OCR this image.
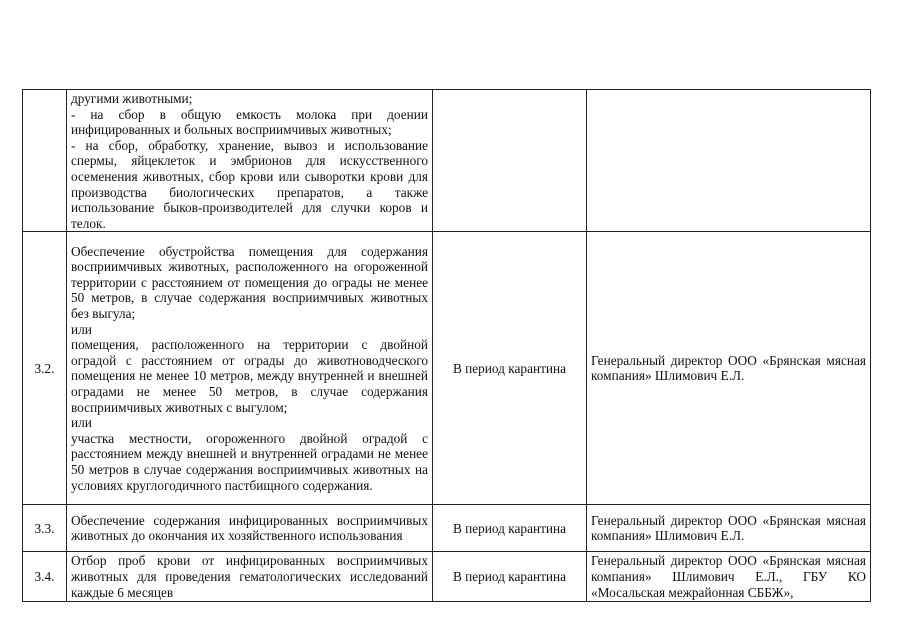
	другими животными;

- на сбор в общую емкость молока при доении инфицированных и больных восприимчивых животных;

- на сбор, обработку, хранение, вывоз и использование спермы, яйцеклеток и эмбрионов для искусственного осеменения животных, сбор крови или сыворотки крови для производства биологических препаратов, а также использование быков-производителей для случки коров и телок.		

3.2.	Обеспечение обустройства помещения для содержания восприимчивых животных, расположенного на огороженной территории с расстоянием от помещения до ограды не менее 50 метров, в случае содержания восприимчивых животных без выгула;

или

помещения, расположенного на территории с двойной оградой с расстоянием от ограды до животноводческого помещения не менее 10 метров, между внутренней и внешней оградами не менее 50 метров, в случае содержания восприимчивых животных с выгулом;

или

участка местности, огороженного двойной оградой с расстоянием между внешней и внутренней оградами не менее 50 метров в случае содержания восприимчивых животных на условиях круглогодичного пастбищного содержания.	В период карантина	Генеральный директор ООО «Брянская мясная компания» Шлимович Е.Л.

3.3.	Обеспечение содержания инфицированных восприимчивых животных до окончания их хозяйственного использования	В период карантина	Генеральный директор ООО «Брянская мясная компания» Шлимович Е.Л.

3.4.	Отбор проб крови от инфицированных восприимчивых животных для проведения гематологических исследований каждые 6 месяцев	В период карантина	Генеральный директор ООО «Брянская мясная компания» Шлимович Е.Л., ГБУ КО «Мосальская межрайонная СББЖ»,
